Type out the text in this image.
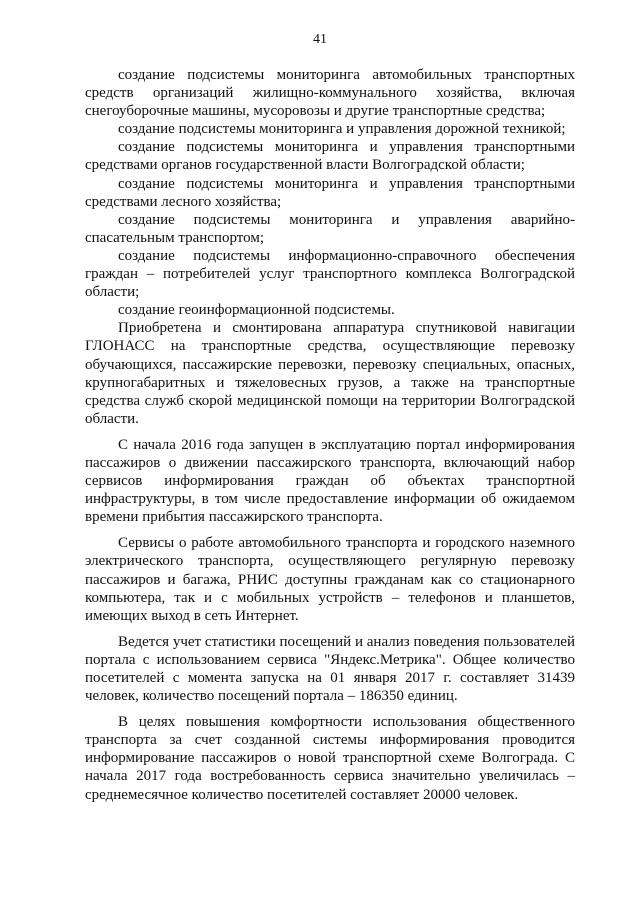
41

создание подсистемы мониторинга автомобильных транспортных средств организаций жилищно-коммунального хозяйства, включая снегоуборочные машины, мусоровозы и другие транспортные средства;

создание подсистемы мониторинга и управления дорожной техникой;

создание подсистемы мониторинга и управления транспортными средствами органов государственной власти Волгоградской области;

создание подсистемы мониторинга и управления транспортными средствами лесного хозяйства;

создание подсистемы мониторинга и управления аварийно-спасательным транспортом;

создание подсистемы информационно-справочного обеспечения граждан – потребителей услуг транспортного комплекса Волгоградской области;

создание геоинформационной подсистемы.

Приобретена и смонтирована аппаратура спутниковой навигации ГЛОНАСС на транспортные средства, осуществляющие перевозку обучающихся, пассажирские перевозки, перевозку специальных, опасных, крупногабаритных и тяжеловесных грузов, а также на транспортные средства служб скорой медицинской помощи на территории Волгоградской области.

С начала 2016 года запущен в эксплуатацию портал информирования пассажиров о движении пассажирского транспорта, включающий набор сервисов информирования граждан об объектах транспортной инфраструктуры, в том числе предоставление информации об ожидаемом времени прибытия пассажирского транспорта.

Сервисы о работе автомобильного транспорта и городского наземного электрического транспорта, осуществляющего регулярную перевозку пассажиров и багажа, РНИС доступны гражданам как со стационарного компьютера, так и с мобильных устройств – телефонов и планшетов, имеющих выход в сеть Интернет.

Ведется учет статистики посещений и анализ поведения пользователей портала с использованием сервиса "Яндекс.Метрика". Общее количество посетителей с момента запуска на 01 января 2017 г. составляет 31439 человек, количество посещений портала – 186350 единиц.

В целях повышения комфортности использования общественного транспорта за счет созданной системы информирования проводится информирование пассажиров о новой транспортной схеме Волгограда. С начала 2017 года востребованность сервиса значительно увеличилась – среднемесячное количество посетителей составляет 20000 человек.
